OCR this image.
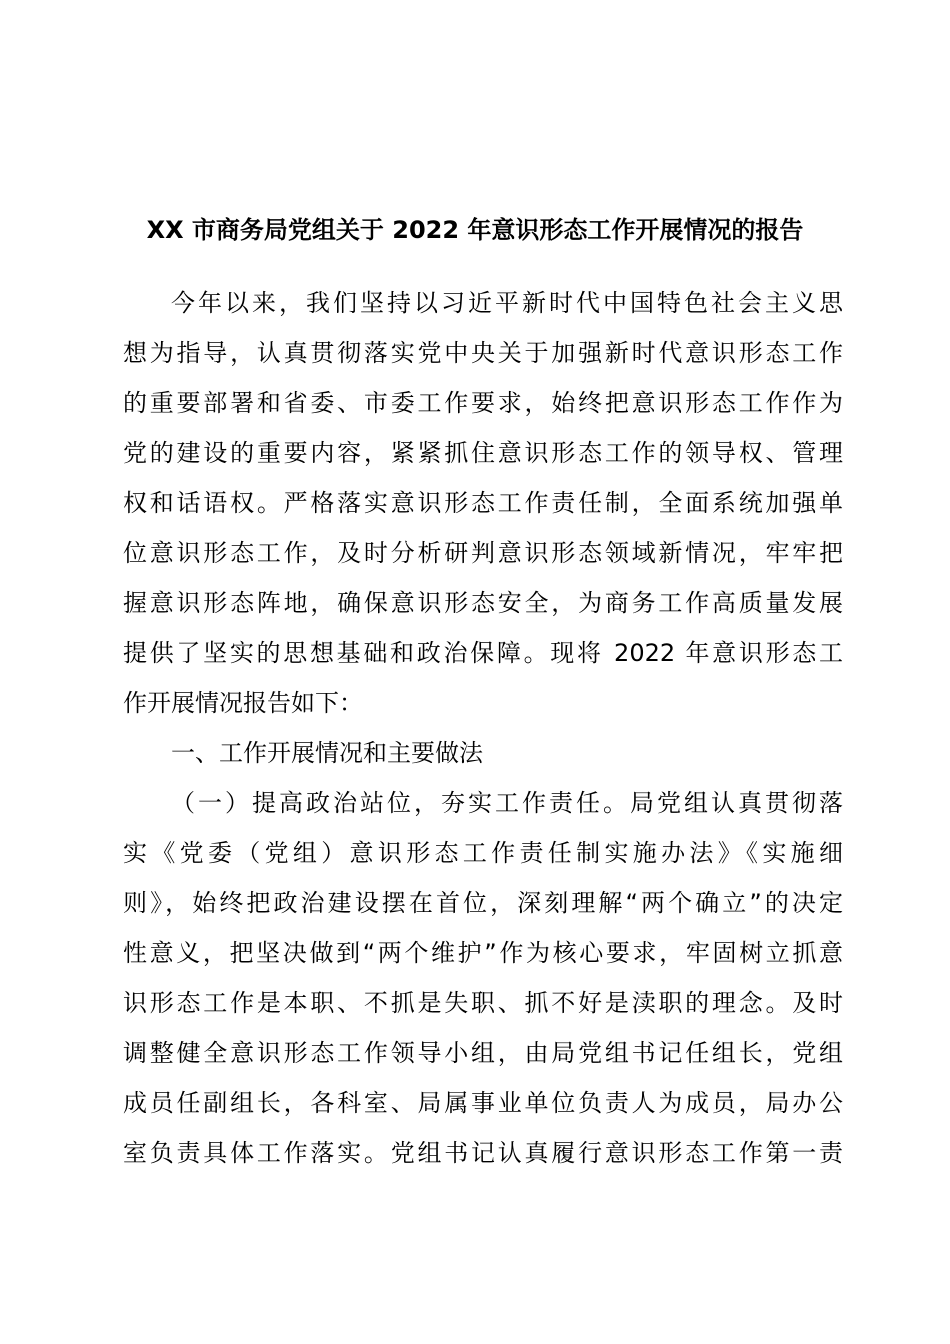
XX 市商务局党组关于 2022 年意识形态工作开展情况的报告
今年以来，我们坚持以习近平新时代中国特色社会主义思
想为指导，认真贯彻落实党中央关于加强新时代意识形态工作
的重要部署和省委、市委工作要求，始终把意识形态工作作为
党的建设的重要内容，紧紧抓住意识形态工作的领导权、管理
权和话语权。严格落实意识形态工作责任制，全面系统加强单
位意识形态工作，及时分析研判意识形态领域新情况，牢牢把
握意识形态阵地，确保意识形态安全，为商务工作高质量发展
提供了坚实的思想基础和政治保障。现将 2022 年意识形态工
作开展情况报告如下：
一、工作开展情况和主要做法
（一）提高政治站位，夯实工作责任。局党组认真贯彻落
实《党委（党组）意识形态工作责任制实施办法》《实施细
则》，始终把政治建设摆在首位，深刻理解“两个确立”的决定
性意义，把坚决做到“两个维护”作为核心要求，牢固树立抓意
识形态工作是本职、不抓是失职、抓不好是渎职的理念。及时
调整健全意识形态工作领导小组，由局党组书记任组长，党组
成员任副组长，各科室、局属事业单位负责人为成员，局办公
室负责具体工作落实。党组书记认真履行意识形态工作第一责
